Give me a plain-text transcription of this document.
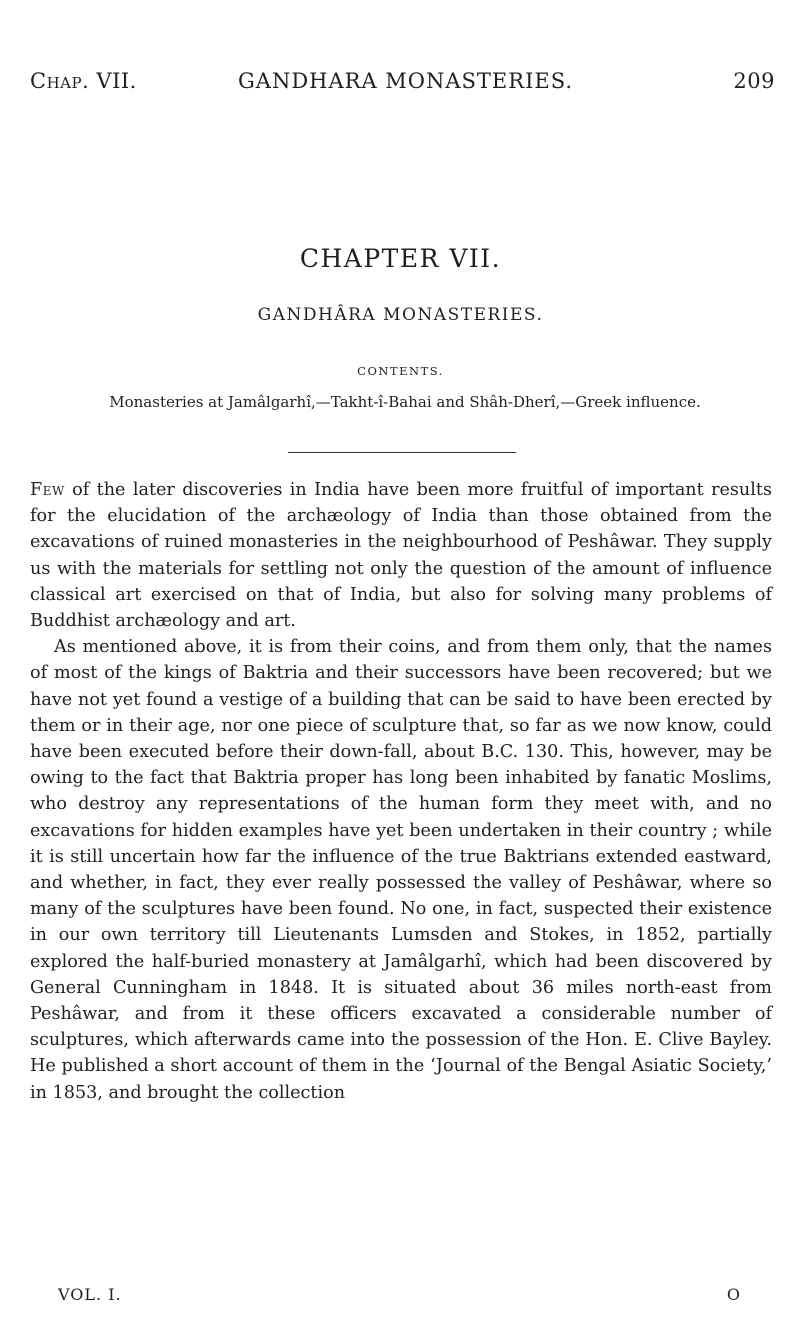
Chap. VII.	GANDHARA MONASTERIES.	209
CHAPTER VII.
GANDHÂRA MONASTERIES.
CONTENTS.
Monasteries at Jamâlgarhî,—Takht-î-Bahai and Shâh-Dherî,—Greek influence.

Few of the later discoveries in India have been more fruitful of important results for the elucidation of the archæology of India than those obtained from the excavations of ruined monasteries in the neighbourhood of Peshâwar. They supply us with the materials for settling not only the question of the amount of influence classical art exercised on that of India, but also for solving many problems of Buddhist archæology and art.

As mentioned above, it is from their coins, and from them only, that the names of most of the kings of Baktria and their successors have been recovered; but we have not yet found a vestige of a building that can be said to have been erected by them or in their age, nor one piece of sculpture that, so far as we now know, could have been executed before their down-fall, about B.C. 130. This, however, may be owing to the fact that Baktria proper has long been inhabited by fanatic Moslims, who destroy any representations of the human form they meet with, and no excavations for hidden examples have yet been undertaken in their country ; while it is still uncertain how far the influence of the true Baktrians extended eastward, and whether, in fact, they ever really possessed the valley of Peshâwar, where so many of the sculptures have been found. No one, in fact, suspected their existence in our own territory till Lieutenants Lumsden and Stokes, in 1852, partially explored the half-buried monastery at Jamâlgarhî, which had been discovered by General Cunningham in 1848. It is situated about 36 miles north-east from Peshâwar, and from it these officers excavated a considerable number of sculptures, which afterwards came into the possession of the Hon. E. Clive Bayley. He published a short account of them in the ‘Journal of the Bengal Asiatic Society,’ in 1853, and brought the collection

VOL. I.	O
